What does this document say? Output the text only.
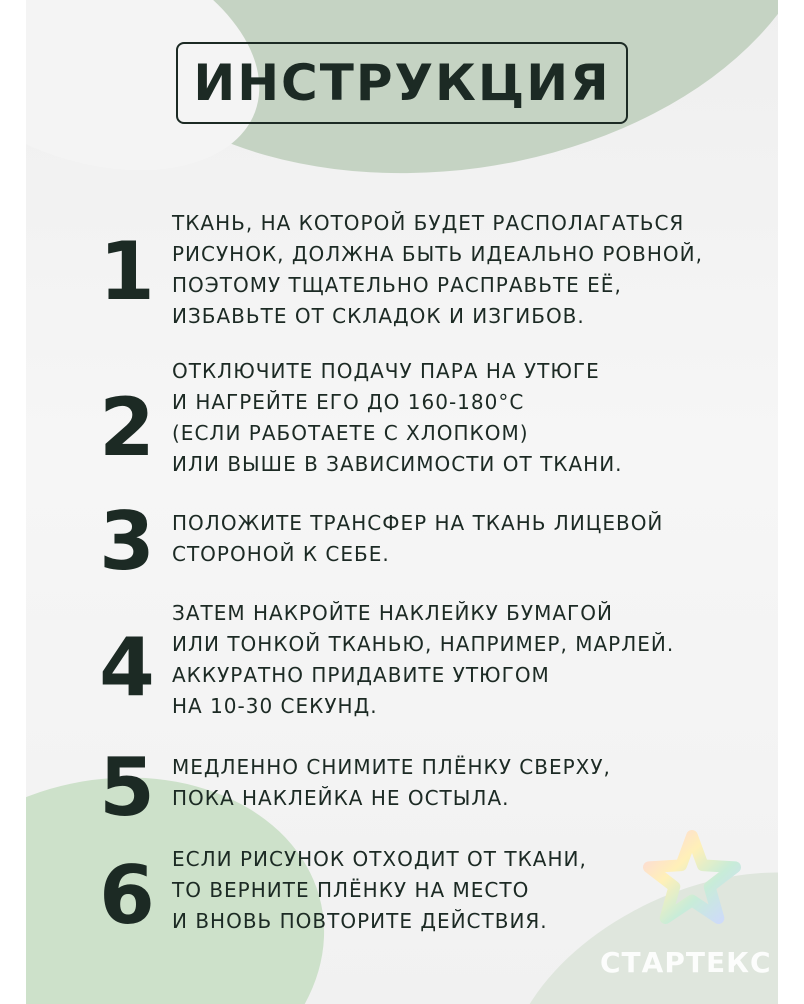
ИНСТРУКЦИЯ
1
ТКАНЬ, НА КОТОРОЙ БУДЕТ РАСПОЛАГАТЬСЯ
РИСУНОК, ДОЛЖНА БЫТЬ ИДЕАЛЬНО РОВНОЙ,
ПОЭТОМУ ТЩАТЕЛЬНО РАСПРАВЬТЕ ЕЁ,
ИЗБАВЬТЕ ОТ СКЛАДОК И ИЗГИБОВ.
2
ОТКЛЮЧИТЕ ПОДАЧУ ПАРА НА УТЮГЕ
И НАГРЕЙТЕ ЕГО ДО 160-180°С
(ЕСЛИ РАБОТАЕТЕ С ХЛОПКОМ)
ИЛИ ВЫШЕ В ЗАВИСИМОСТИ ОТ ТКАНИ.
3 ПОЛОЖИТЕ ТРАНСФЕР НА ТКАНЬ ЛИЦЕВОЙ
СТОРОНОЙ К СЕБЕ.
4
ЗАТЕМ НАКРОЙТЕ НАКЛЕЙКУ БУМАГОЙ
ИЛИ ТОНКОЙ ТКАНЬЮ, НАПРИМЕР, МАРЛЕЙ.
АККУРАТНО ПРИДАВИТЕ УТЮГОМ
НА 10-30 СЕКУНД.
5 МЕДЛЕННО СНИМИТЕ ПЛЁНКУ СВЕРХУ,
ПОКА НАКЛЕЙКА НЕ ОСТЫЛА.
6 ЕСЛИ РИСУНОК ОТХОДИТ ОТ ТКАНИ,
ТО ВЕРНИТЕ ПЛЁНКУ НА МЕСТО
И ВНОВЬ ПОВТОРИТЕ ДЕЙСТВИЯ.
СТАРТЕКС
